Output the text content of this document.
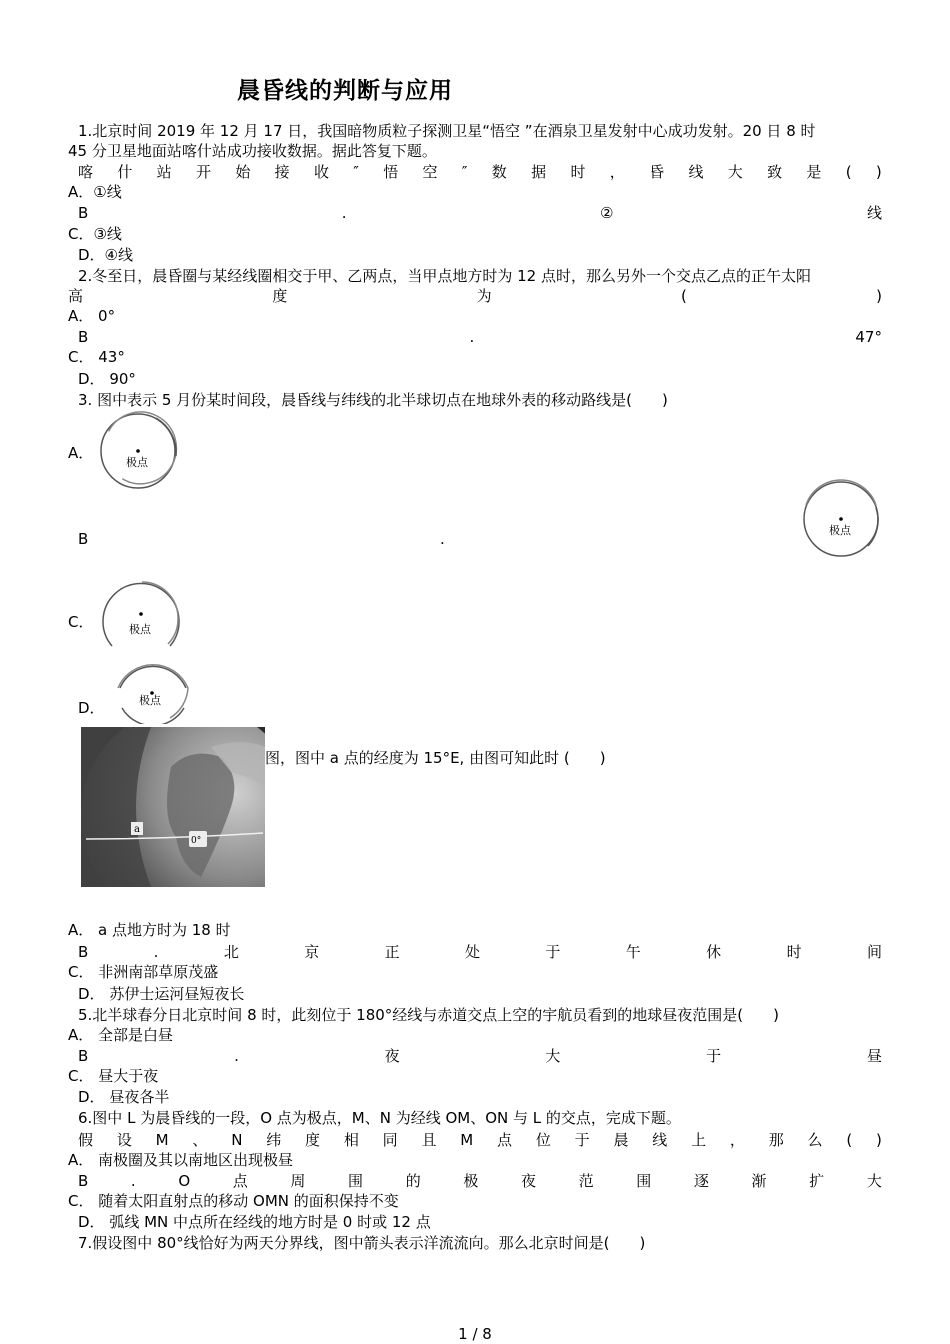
晨昏线的判断与应用
1.北京时间 2019 年 12 月 17 日，我国暗物质粒子探测卫星“悟空 ”在酒泉卫星发射中心成功发射。20 日 8 时
45 分卫星地面站喀什站成功接收数据。据此答复下题。
喀 什 站 开 始 接 收 ″ 悟 空 ″ 数 据 时 ， 昏 线 大 致 是 ( )
A．①线
B	.	②	线
C．③线
D．④线
2.冬至日，晨昏圈与某经线圈相交于甲、乙两点，当甲点地方时为 12 点时，那么另外一个交点乙点的正午太阳
高	度	为	(	)
A． 0°
B	.	47°
C． 43°
D． 90°
3. 图中表示 5 月份某时间段，晨昏线与纬线的北半球切点在地球外表的移动路线是(　　)
A．
极点
B	.	极点
C．	极点
D．	极点
a
0°
图，图中 a 点的经度为 15°E, 由图可知此时 (　　)
A． a 点地方时为 18 时
B	.	北	京	正	处	于	午	休	时	间
C． 非洲南部草原茂盛
D． 苏伊士运河昼短夜长
5.北半球春分日北京时间 8 时，此刻位于 180°经线与赤道交点上空的宇航员看到的地球昼夜范围是(　　)
A． 全部是白昼
B	.	夜	大	于	昼
C． 昼大于夜
D． 昼夜各半
6.图中 L 为晨昏线的一段，O 点为极点，M、N 为经线 OM、ON 与 L 的交点，完成下题。
假 设 M 、 N 纬 度 相 同 且 M 点 位 于 晨 线 上 ， 那 么 ( )
A． 南极圈及其以南地区出现极昼
B	.	O	点	周	围	的	极	夜	范	围	逐	渐	扩	大
C． 随着太阳直射点的移动 OMN 的面积保持不变
D． 弧线 MN 中点所在经线的地方时是 0 时或 12 点
7.假设图中 80°线恰好为两天分界线，图中箭头表示洋流流向。那么北京时间是(　　)
1 / 8
